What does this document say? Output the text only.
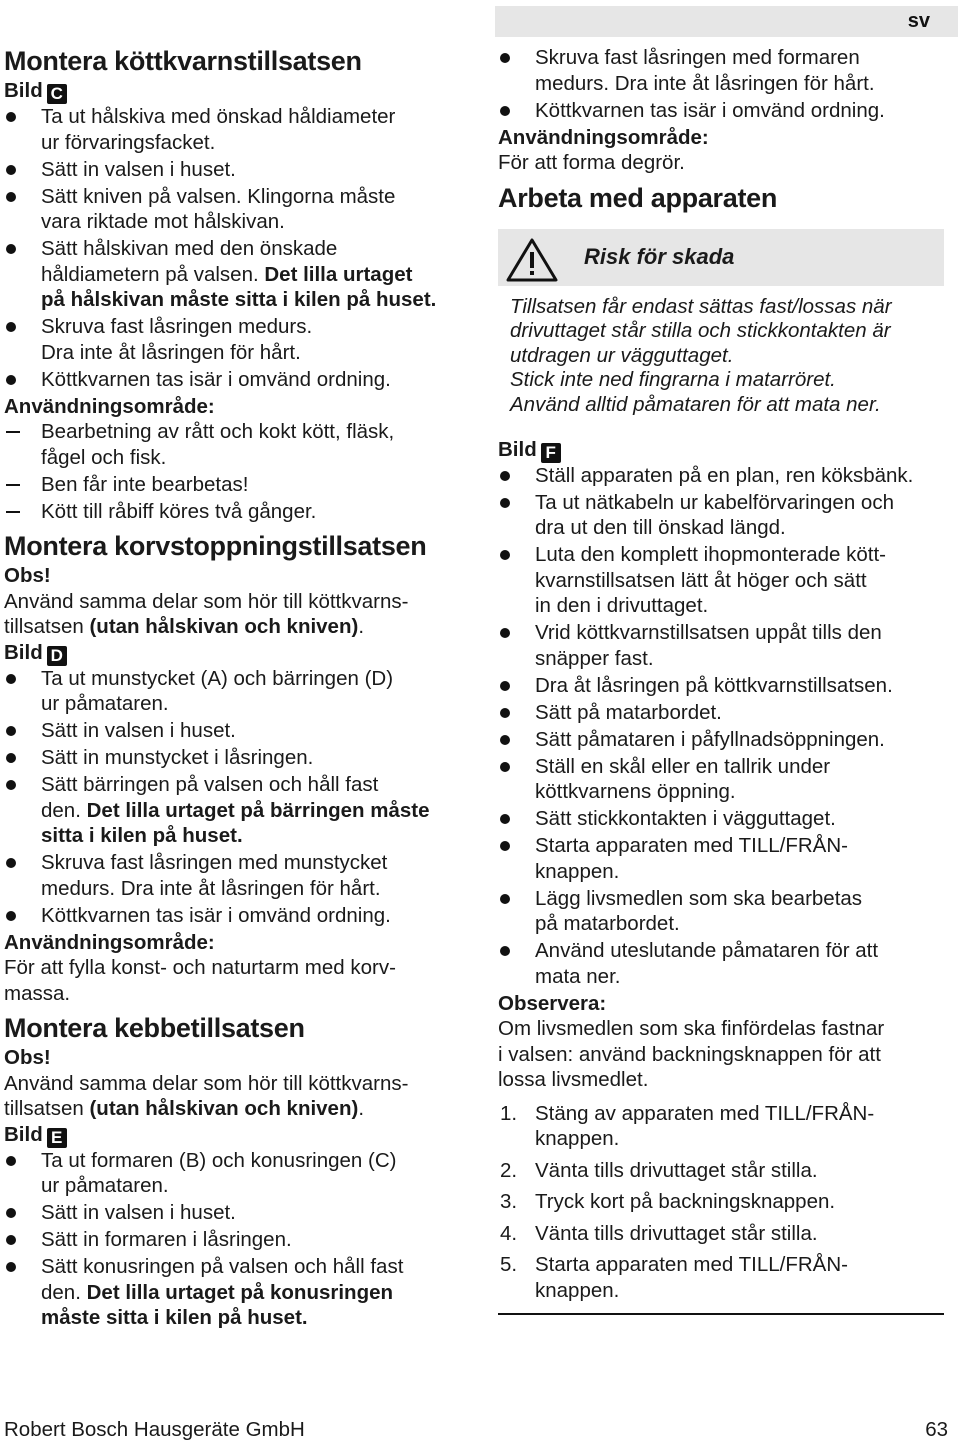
sv
Montera köttkvarnstillsatsen
Bild C
Ta ut hålskiva med önskad håldiameter
ur förvaringsfacket.
Sätt in valsen i huset.
Sätt kniven på valsen. Klingorna måste
vara riktade mot hålskivan.
Sätt hålskivan med den önskade
håldiametern på valsen. Det lilla urtaget
på hålskivan måste sitta i kilen på huset.
Skruva fast låsringen medurs.
Dra inte åt låsringen för hårt.
Köttkvarnen tas isär i omvänd ordning.
Användningsområde:
Bearbetning av rått och kokt kött, fläsk,
fågel och fisk.
Ben får inte bearbetas!
Kött till råbiff köres två gånger.
Montera korvstoppningstillsatsen
Obs!

Använd samma delar som hör till köttkvarns-
tillsatsen (utan hålskivan och kniven).

Bild D
Ta ut munstycket (A) och bärringen (D)
ur påmataren.
Sätt in valsen i huset.
Sätt in munstycket i låsringen.
Sätt bärringen på valsen och håll fast
den. Det lilla urtaget på bärringen måste
sitta i kilen på huset.
Skruva fast låsringen med munstycket
medurs. Dra inte åt låsringen för hårt.
Köttkvarnen tas isär i omvänd ordning.
Användningsområde:

För att fylla konst- och naturtarm med korv-
massa.

Montera kebbetillsatsen
Obs!

Använd samma delar som hör till köttkvarns-
tillsatsen (utan hålskivan och kniven).

Bild E
Ta ut formaren (B) och konusringen (C)
ur påmataren.
Sätt in valsen i huset.
Sätt in formaren i låsringen.
Sätt konusringen på valsen och håll fast
den. Det lilla urtaget på konusringen
måste sitta i kilen på huset.
Skruva fast låsringen med formaren
medurs. Dra inte åt låsringen för hårt.
Köttkvarnen tas isär i omvänd ordning.
Användningsområde:

För att forma degrör.

Arbeta med apparaten
Risk för skada
Tillsatsen får endast sättas fast/lossas när
drivuttaget står stilla och stickkontakten är
utdragen ur vägguttaget.
Stick inte ned fingrarna i matarröret.
Använd alltid påmataren för att mata ner.
Bild F
Ställ apparaten på en plan, ren köksbänk.
Ta ut nätkabeln ur kabelförvaringen och
dra ut den till önskad längd.
Luta den komplett ihopmonterade kött-
kvarnstillsatsen lätt åt höger och sätt
in den i drivuttaget.
Vrid köttkvarnstillsatsen uppåt tills den
snäpper fast.
Dra åt låsringen på köttkvarnstillsatsen.
Sätt på matarbordet.
Sätt påmataren i påfyllnadsöppningen.
Ställ en skål eller en tallrik under
köttkvarnens öppning.
Sätt stickkontakten i vägguttaget.
Starta apparaten med TILL/FRÅN-
knappen.
Lägg livsmedlen som ska bearbetas
på matarbordet.
Använd uteslutande påmataren för att
mata ner.
Observera:

Om livsmedlen som ska finfördelas fastnar
i valsen: använd backningsknappen för att
lossa livsmedlet.

1. Stäng av apparaten med TILL/FRÅN-
knappen.
2. Vänta tills drivuttaget står stilla.
3. Tryck kort på backningsknappen.
4. Vänta tills drivuttaget står stilla.
5. Starta apparaten med TILL/FRÅN-
knappen.
Robert Bosch Hausgeräte GmbH	63
